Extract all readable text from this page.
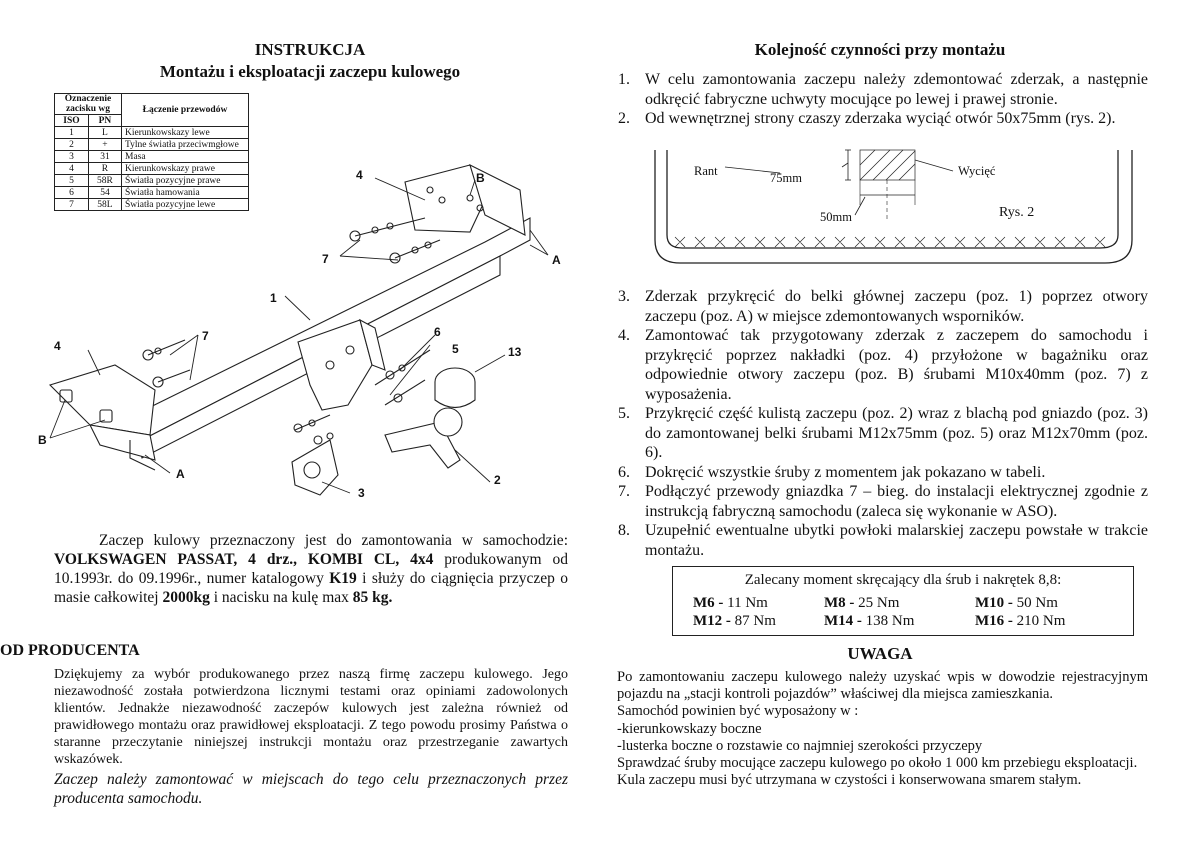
INSTRUKCJA
Montażu i eksploatacji zaczepu kulowego
Oznaczenie zacisku wg		Łączenie przewodów
ISO	PN	
1	L	Kierunkowskazy lewe
2	+	Tylne światła przeciwmgłowe
3	31	Masa
4	R	Kierunkowskazy prawe
5	58R	Światła pozycyjne prawe
6	54	Światła hamowania
7	58L	Światła pozycyjne lewe
4	B
7	A
1
7
4
6
5	13
B
A	2
3
Zaczep kulowy przeznaczony jest do zamontowania w samochodzie: VOLKSWAGEN PASSAT, 4 drz., KOMBI CL, 4x4 produkowanym od 10.1993r. do 09.1996r., numer katalogowy K19 i służy do ciągnięcia przyczep o masie całkowitej 2000kg i nacisku na kulę max 85 kg.
OD PRODUCENTA
Dziękujemy za wybór produkowanego przez naszą firmę zaczepu kulowego. Jego niezawodność została potwierdzona licznymi testami oraz opiniami zadowolonych klientów. Jednakże niezawodność zaczepów kulowych jest zależna również od prawidłowego montażu oraz prawidłowej eksploatacji. Z tego powodu prosimy Państwa o staranne przeczytanie niniejszej instrukcji montażu oraz przestrzeganie zawartych wskazówek.
Zaczep należy zamontować w miejscach do tego celu przeznaczonych przez producenta samochodu.
Kolejność czynności przy montażu
1. W celu zamontowania zaczepu należy zdemontować zderzak, a następnie odkręcić fabryczne uchwyty mocujące po lewej i prawej stronie.
2. Od wewnętrznej strony czaszy zderzaka wyciąć otwór 50x75mm (rys. 2).
Rant	75mm
50mm
Wycięć
Rys. 2
3. Zderzak przykręcić do belki głównej zaczepu (poz. 1) poprzez otwory zaczepu (poz. A) w miejsce zdemontowanych wsporników.
4. Zamontować tak przygotowany zderzak z zaczepem do samochodu i przykręcić poprzez nakładki (poz. 4) przyłożone w bagażniku oraz odpowiednie otwory zaczepu (poz. B) śrubami M10x40mm (poz. 7) z wyposażenia.
5. Przykręcić część kulistą zaczepu (poz. 2) wraz z blachą pod gniazdo (poz. 3) do zamontowanej belki śrubami M12x75mm (poz. 5) oraz M12x70mm (poz. 6).
6. Dokręcić wszystkie śruby z momentem jak pokazano w tabeli.
7. Podłączyć przewody gniazdka 7 – bieg. do instalacji elektrycznej zgodnie z instrukcją fabryczną samochodu (zaleca się wykonanie w ASO).
8. Uzupełnić ewentualne ubytki powłoki malarskiej zaczepu powstałe w trakcie montażu.
Zalecany moment skręcający dla śrub i nakrętek 8,8:
M6 - 11 Nm	M8 - 25 Nm	M10 - 50 Nm
M12 - 87 Nm	M14 - 138 Nm	M16 - 210 Nm
UWAGA
Po zamontowaniu zaczepu kulowego należy uzyskać wpis w dowodzie rejestracyjnym pojazdu na „stacji kontroli pojazdów” właściwej dla miejsca zamieszkania.
Samochód powinien być wyposażony w :
-kierunkowskazy boczne
-lusterka boczne o rozstawie co najmniej szerokości przyczepy
Sprawdzać śruby mocujące zaczepu kulowego po około 1 000 km przebiegu eksploatacji.
Kula zaczepu musi być utrzymana w czystości i konserwowana smarem stałym.
